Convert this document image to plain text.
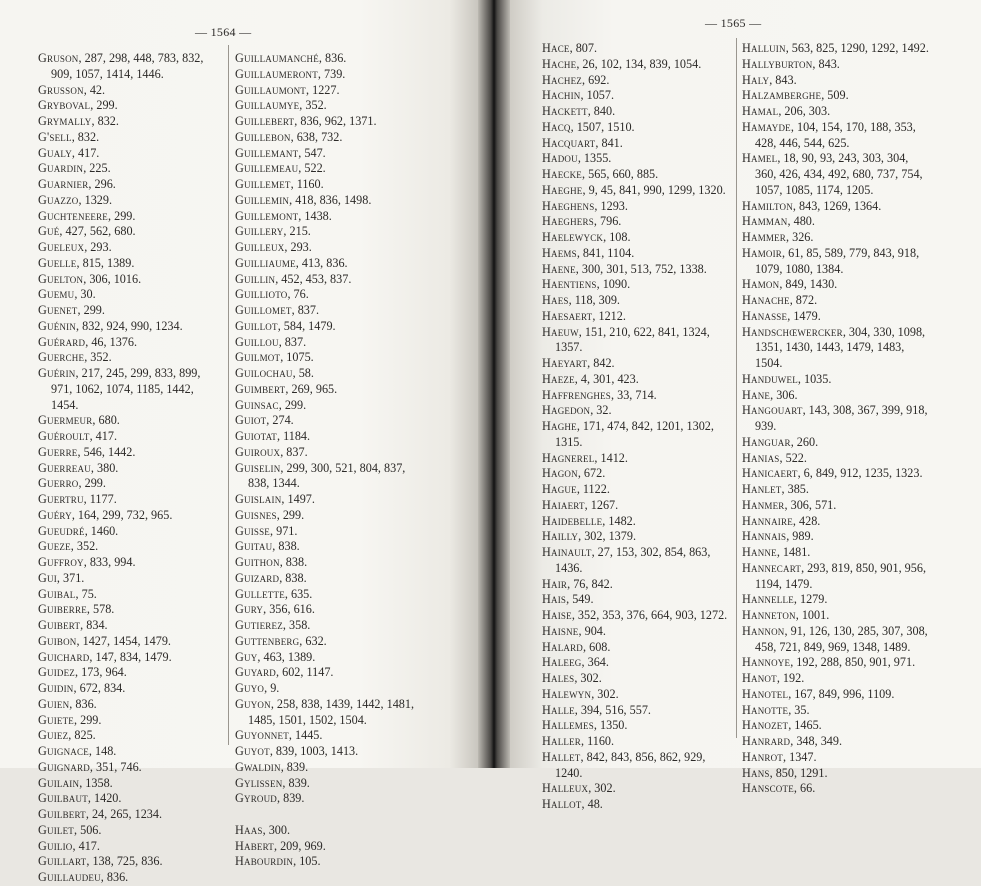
— 1564 —
Gruson, 287, 298, 448, 783, 832, 909, 1057, 1414, 1446.
Grusson, 42.
Gryboval, 299.
Grymally, 832.
G'sell, 832.
Gualy, 417.
Guardin, 225.
Guarnier, 296.
Guazzo, 1329.
Guchteneere, 299.
Gué, 427, 562, 680.
Gueleux, 293.
Guelle, 815, 1389.
Guelton, 306, 1016.
Guemu, 30.
Guenet, 299.
Guénin, 832, 924, 990, 1234.
Guérard, 46, 1376.
Guerche, 352.
Guérin, 217, 245, 299, 833, 899, 971, 1062, 1074, 1185, 1442, 1454.
Guermeur, 680.
Guéroult, 417.
Guerre, 546, 1442.
Guerreau, 380.
Guerro, 299.
Guertru, 1177.
Guéry, 164, 299, 732, 965.
Gueudré, 1460.
Gueze, 352.
Guffroy, 833, 994.
Gui, 371.
Guibal, 75.
Guiberre, 578.
Guibert, 834.
Guibon, 1427, 1454, 1479.
Guichard, 147, 834, 1479.
Guidez, 173, 964.
Guidin, 672, 834.
Guien, 836.
Guiete, 299.
Guiez, 825.
Guignace, 148.
Guignard, 351, 746.
Guilain, 1358.
Guilbaut, 1420.
Guilbert, 24, 265, 1234.
Guilet, 506.
Guilio, 417.
Guillart, 138, 725, 836.
Guillaudeu, 836.
Guillaumanché, 836.
Guillaumeront, 739.
Guillaumont, 1227.
Guillaumye, 352.
Guillebert, 836, 962, 1371.
Guillebon, 638, 732.
Guillemant, 547.
Guillemeau, 522.
Guillemet, 1160.
Guillemin, 418, 836, 1498.
Guillemont, 1438.
Guillery, 215.
Guilleux, 293.
Guilliaume, 413, 836.
Guillin, 452, 453, 837.
Guillioto, 76.
Guillomet, 837.
Guillot, 584, 1479.
Guillou, 837.
Guilmot, 1075.
Guilochau, 58.
Guimbert, 269, 965.
Guinsac, 299.
Guiot, 274.
Guiotat, 1184.
Guiroux, 837.
Guiselin, 299, 300, 521, 804, 837, 838, 1344.
Guislain, 1497.
Guisnes, 299.
Guisse, 971.
Guitau, 838.
Guithon, 838.
Guizard, 838.
Gullette, 635.
Gury, 356, 616.
Gutierez, 358.
Guttenberg, 632.
Guy, 463, 1389.
Guyard, 602, 1147.
Guyo, 9.
Guyon, 258, 838, 1439, 1442, 1481, 1485, 1501, 1502, 1504.
Guyonnet, 1445.
Guyot, 839, 1003, 1413.
Gwaldin, 839.
Gylissen, 839.
Gyroud, 839.
Haas, 300.
Habert, 209, 969.
Habourdin, 105.
— 1565 —
Hace, 807.
Hache, 26, 102, 134, 839, 1054.
Hachez, 692.
Hachin, 1057.
Hackett, 840.
Hacq, 1507, 1510.
Hacquart, 841.
Hadou, 1355.
Haecke, 565, 660, 885.
Haeghe, 9, 45, 841, 990, 1299, 1320.
Haeghens, 1293.
Haeghers, 796.
Haelewyck, 108.
Haems, 841, 1104.
Haene, 300, 301, 513, 752, 1338.
Haentiens, 1090.
Haes, 118, 309.
Haesaert, 1212.
Haeuw, 151, 210, 622, 841, 1324, 1357.
Haeyart, 842.
Haeze, 4, 301, 423.
Haffrenghes, 33, 714.
Hagedon, 32.
Haghe, 171, 474, 842, 1201, 1302, 1315.
Hagnerel, 1412.
Hagon, 672.
Hague, 1122.
Haiaert, 1267.
Haidebelle, 1482.
Hailly, 302, 1379.
Hainault, 27, 153, 302, 854, 863, 1436.
Hair, 76, 842.
Hais, 549.
Haise, 352, 353, 376, 664, 903, 1272.
Haisne, 904.
Halard, 608.
Haleeg, 364.
Hales, 302.
Halewyn, 302.
Halle, 394, 516, 557.
Hallemes, 1350.
Haller, 1160.
Hallet, 842, 843, 856, 862, 929, 1240.
Halleux, 302.
Hallot, 48.
Halluin, 563, 825, 1290, 1292, 1492.
Hallyburton, 843.
Haly, 843.
Halzamberghe, 509.
Hamal, 206, 303.
Hamayde, 104, 154, 170, 188, 353, 428, 446, 544, 625.
Hamel, 18, 90, 93, 243, 303, 304, 360, 426, 434, 492, 680, 737, 754, 1057, 1085, 1174, 1205.
Hamilton, 843, 1269, 1364.
Hamman, 480.
Hammer, 326.
Hamoir, 61, 85, 589, 779, 843, 918, 1079, 1080, 1384.
Hamon, 849, 1430.
Hanache, 872.
Hanasse, 1479.
Handschœwercker, 304, 330, 1098, 1351, 1430, 1443, 1479, 1483, 1504.
Handuwel, 1035.
Hane, 306.
Hangouart, 143, 308, 367, 399, 918, 939.
Hanguar, 260.
Hanias, 522.
Hanicaert, 6, 849, 912, 1235, 1323.
Hanlet, 385.
Hanmer, 306, 571.
Hannaire, 428.
Hannais, 989.
Hanne, 1481.
Hannecart, 293, 819, 850, 901, 956, 1194, 1479.
Hannelle, 1279.
Hanneton, 1001.
Hannon, 91, 126, 130, 285, 307, 308, 458, 721, 849, 969, 1348, 1489.
Hannoye, 192, 288, 850, 901, 971.
Hanot, 192.
Hanotel, 167, 849, 996, 1109.
Hanotte, 35.
Hanozet, 1465.
Hanrard, 348, 349.
Hanrot, 1347.
Hans, 850, 1291.
Hanscote, 66.
